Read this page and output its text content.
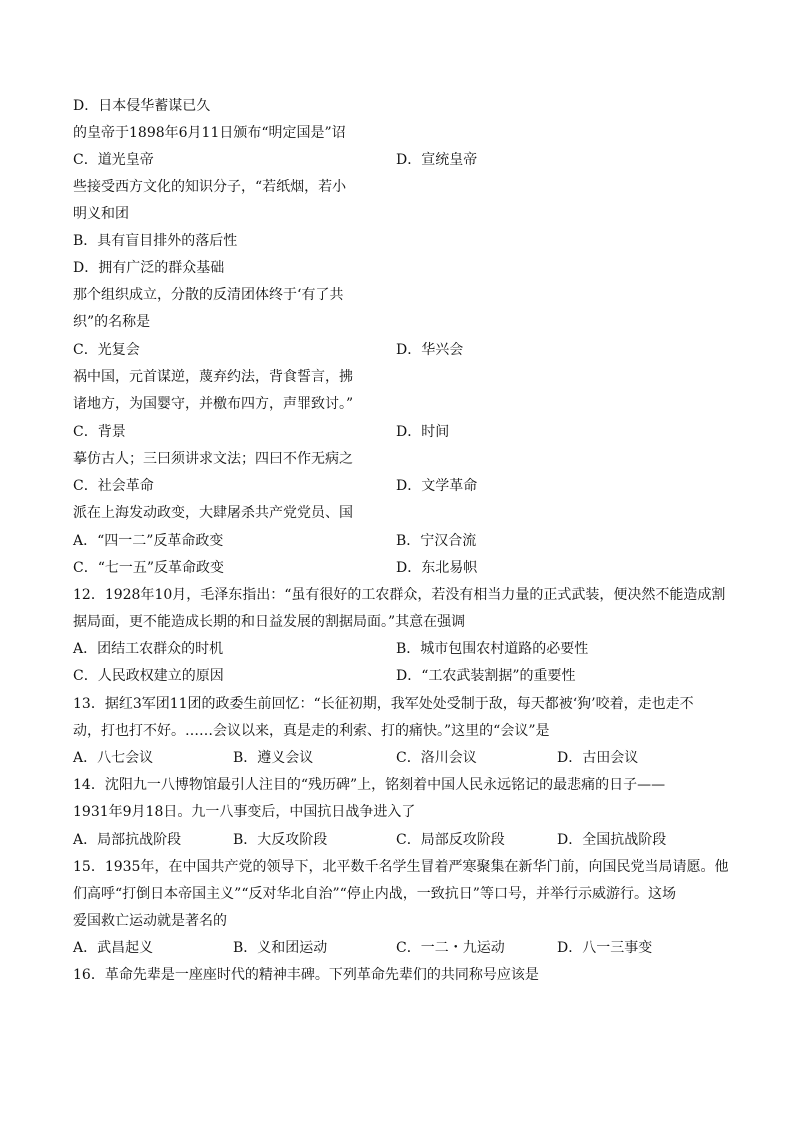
D．日本侵华蓄谋已久
的皇帝于1898年6月11日颁布“明定国是”诏
C．道光皇帝	D．宣统皇帝
些接受西方文化的知识分子，“若纸烟，若小
明义和团
B．具有盲目排外的落后性
D．拥有广泛的群众基础
那个组织成立，分散的反清团体终于‘有了共
织”的名称是
C．光复会	D．华兴会
祸中国，元首谋逆，蔑弃约法，背食誓言，拂
诸地方，为国婴守，并檄布四方，声罪致讨。”
C．背景	D．时间
摹仿古人；三曰须讲求文法；四曰不作无病之
C．社会革命	D．文学革命
派在上海发动政变，大肆屠杀共产党党员、国
A．“四一二”反革命政变	B．宁汉合流
C．“七一五”反革命政变	D．东北易帜
12．1928年10月，毛泽东指出：“虽有很好的工农群众，若没有相当力量的正式武装，便决然不能造成割
据局面，更不能造成长期的和日益发展的割据局面。”其意在强调
A．团结工农群众的时机	B．城市包围农村道路的必要性
C．人民政权建立的原因	D．“工农武装割据”的重要性
13．据红3军团11团的政委生前回忆：“长征初期，我军处处受制于敌，每天都被‘狗’咬着，走也走不
动，打也打不好。……会议以来，真是走的利索、打的痛快。”这里的“会议”是
A．八七会议	B．遵义会议	C．洛川会议	D．古田会议
14．沈阳九一八博物馆最引人注目的“残历碑”上，铭刻着中国人民永远铭记的最悲痛的日子——
1931年9月18日。九一八事变后，中国抗日战争进入了
A．局部抗战阶段	B．大反攻阶段	C．局部反攻阶段	D．全国抗战阶段
15．1935年，在中国共产党的领导下，北平数千名学生冒着严寒聚集在新华门前，向国民党当局请愿。他
们高呼“打倒日本帝国主义”“反对华北自治”“停止内战，一致抗日”等口号，并举行示威游行。这场
爱国救亡运动就是著名的
A．武昌起义	B．义和团运动	C．一二・九运动	D．八一三事变
16．革命先辈是一座座时代的精神丰碑。下列革命先辈们的共同称号应该是
